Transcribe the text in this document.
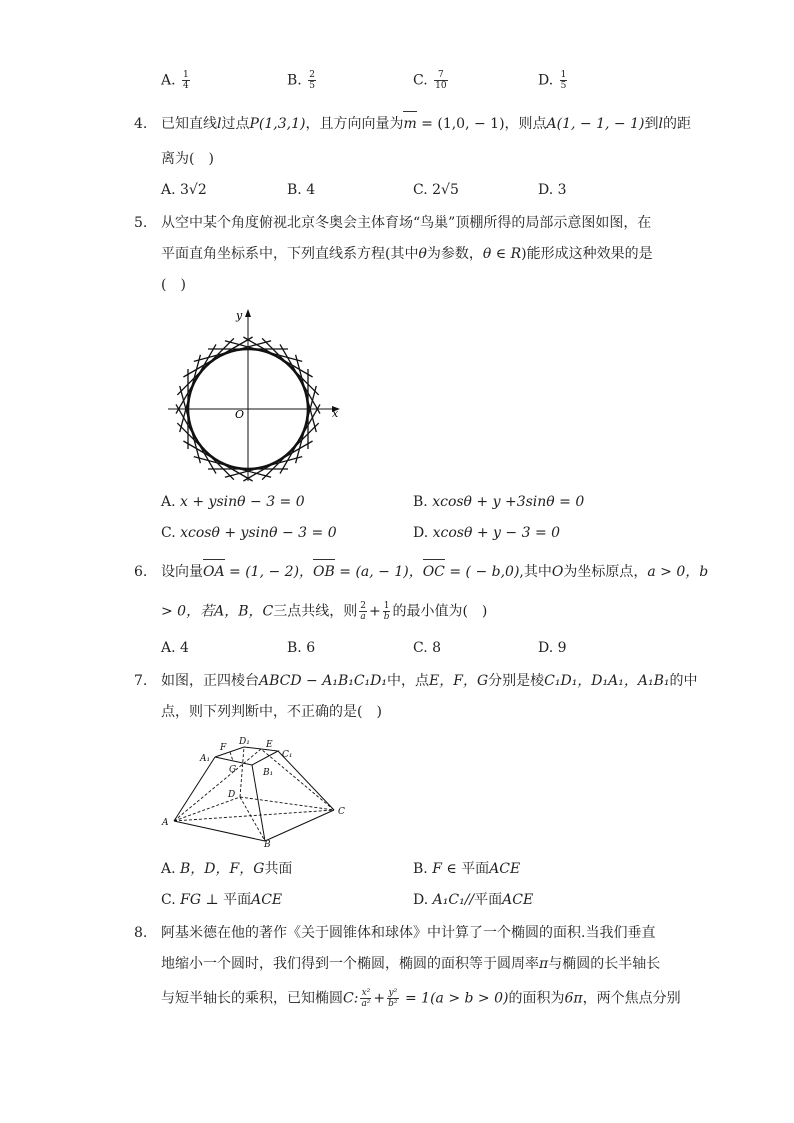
A. $\frac{1}{4}$	B. $\frac{2}{5}$	C. $\frac{7}{10}$	D. $\frac{1}{5}$
4. 已知直线l过点P(1,3,1)，且方向向量为m = (1,0, − 1)，则点A(1, − 1, − 1)到l的距
离为(　)
A. 3√2	B. 4	C. 2√5	D. 3
5. 从空中某个角度俯视北京冬奥会主体育场“鸟巢”顶棚所得的局部示意图如图，在
平面直角坐标系中，下列直线系方程(其中θ为参数，θ ∈ R)能形成这种效果的是
(　)
y
x
O
A. x + ysinθ − 3 = 0	B. xcosθ + y +3sinθ = 0
C. xcosθ + ysinθ − 3 = 0	D. xcosθ + y − 3 = 0
6. 设向量OA = (1, − 2)，OB = (a, − 1)，OC = ( − b,0),其中O为坐标原点，a > 0，b
> 0，若A，B，C三点共线，则 $\frac{2}{a} + \frac{1}{b}$ 的最小值为(　)
A. 4	B. 6	C. 8	D. 9
7. 如图，正四棱台ABCD − A₁B₁C₁D₁中，点E，F，G分别是棱C₁D₁，D₁A₁，A₁B₁的中
点，则下列判断中，不正确的是(　)
A
C
B
D
A₁
B₁
C₁
D₁ E
F
G
A. B，D，F，G共面	B. F ∈ 平面ACE
C. FG ⊥ 平面ACE	D. A₁C₁//平面ACE
8. 阿基米德在他的著作《关于圆锥体和球体》中计算了一个椭圆的面积.当我们垂直
地缩小一个圆时，我们得到一个椭圆，椭圆的面积等于圆周率π与椭圆的长半轴长
与短半轴长的乘积，已知椭圆C: $\frac{\text{x²}}{\text{a²}} + \frac{\text{y²}}{\text{b²}} = 1(a > b > 0)$的面积为6π，两个焦点分别
